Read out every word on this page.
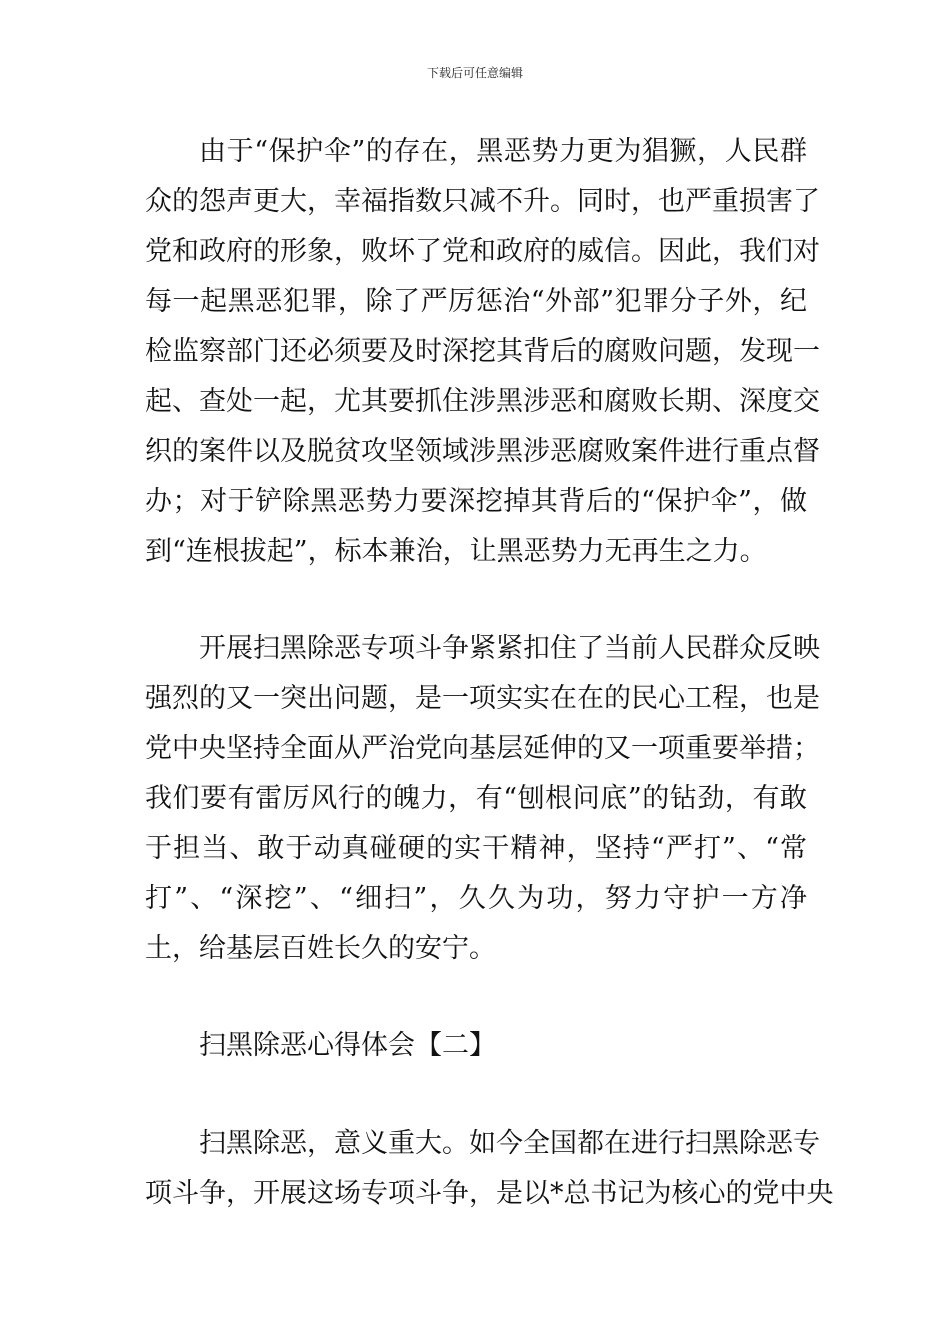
下载后可任意编辑
由于“保护伞”的存在，黑恶势力更为猖獗，人民群
众的怨声更大，幸福指数只减不升。同时，也严重损害了
党和政府的形象，败坏了党和政府的威信。因此，我们对
每一起黑恶犯罪，除了严厉惩治“外部”犯罪分子外，纪
检监察部门还必须要及时深挖其背后的腐败问题，发现一
起、查处一起，尤其要抓住涉黑涉恶和腐败长期、深度交
织的案件以及脱贫攻坚领域涉黑涉恶腐败案件进行重点督
办；对于铲除黑恶势力要深挖掉其背后的“保护伞”，做
到“连根拔起”，标本兼治，让黑恶势力无再生之力。
开展扫黑除恶专项斗争紧紧扣住了当前人民群众反映
强烈的又一突出问题，是一项实实在在的民心工程，也是
党中央坚持全面从严治党向基层延伸的又一项重要举措；
我们要有雷厉风行的魄力，有“刨根问底”的钻劲，有敢
于担当、敢于动真碰硬的实干精神，坚持“严打”、“常
打”、“深挖”、“细扫”，久久为功，努力守护一方净
土，给基层百姓长久的安宁。
扫黑除恶心得体会【二】
扫黑除恶，意义重大。如今全国都在进行扫黑除恶专
项斗争，开展这场专项斗争，是以*总书记为核心的党中央
